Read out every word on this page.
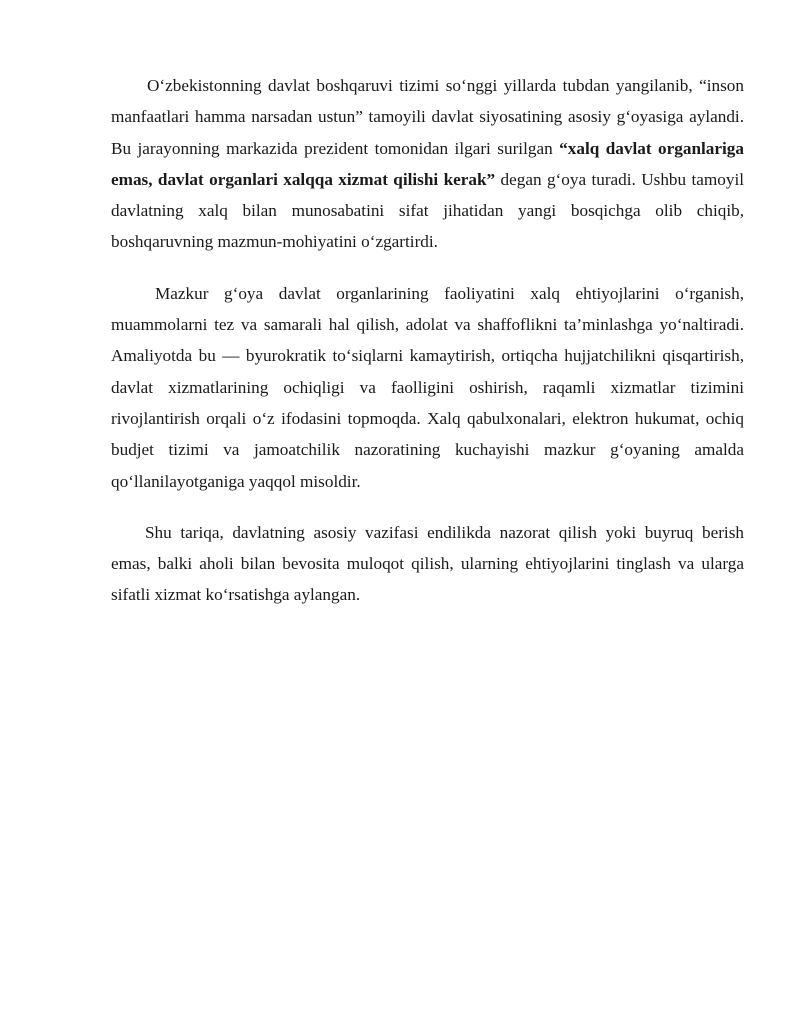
O‘zbekistonning davlat boshqaruvi tizimi so‘nggi yillarda tubdan yangilanib, “inson manfaatlari hamma narsadan ustun” tamoyili davlat siyosatining asosiy g‘oyasiga aylandi. Bu jarayonning markazida prezident tomonidan ilgari surilgan “xalq davlat organlariga emas, davlat organlari xalqqa xizmat qilishi kerak” degan g‘oya turadi. Ushbu tamoyil davlatning xalq bilan munosabatini sifat jihatidan yangi bosqichga olib chiqib, boshqaruvning mazmun-mohiyatini o‘zgartirdi.

Mazkur g‘oya davlat organlarining faoliyatini xalq ehtiyojlarini o‘rganish, muammolarni tez va samarali hal qilish, adolat va shaffoflikni ta’minlashga yo‘naltiradi. Amaliyotda bu — byurokratik to‘siqlarni kamaytirish, ortiqcha hujjatchilikni qisqartirish, davlat xizmatlarining ochiqligi va faolligini oshirish, raqamli xizmatlar tizimini rivojlantirish orqali o‘z ifodasini topmoqda. Xalq qabulxonalari, elektron hukumat, ochiq budjet tizimi va jamoatchilik nazoratining kuchayishi mazkur g‘oyaning amalda qo‘llanilayotganiga yaqqol misoldir.

Shu tariqa, davlatning asosiy vazifasi endilikda nazorat qilish yoki buyruq berish emas, balki aholi bilan bevosita muloqot qilish, ularning ehtiyojlarini tinglash va ularga sifatli xizmat ko‘rsatishga aylangan.
